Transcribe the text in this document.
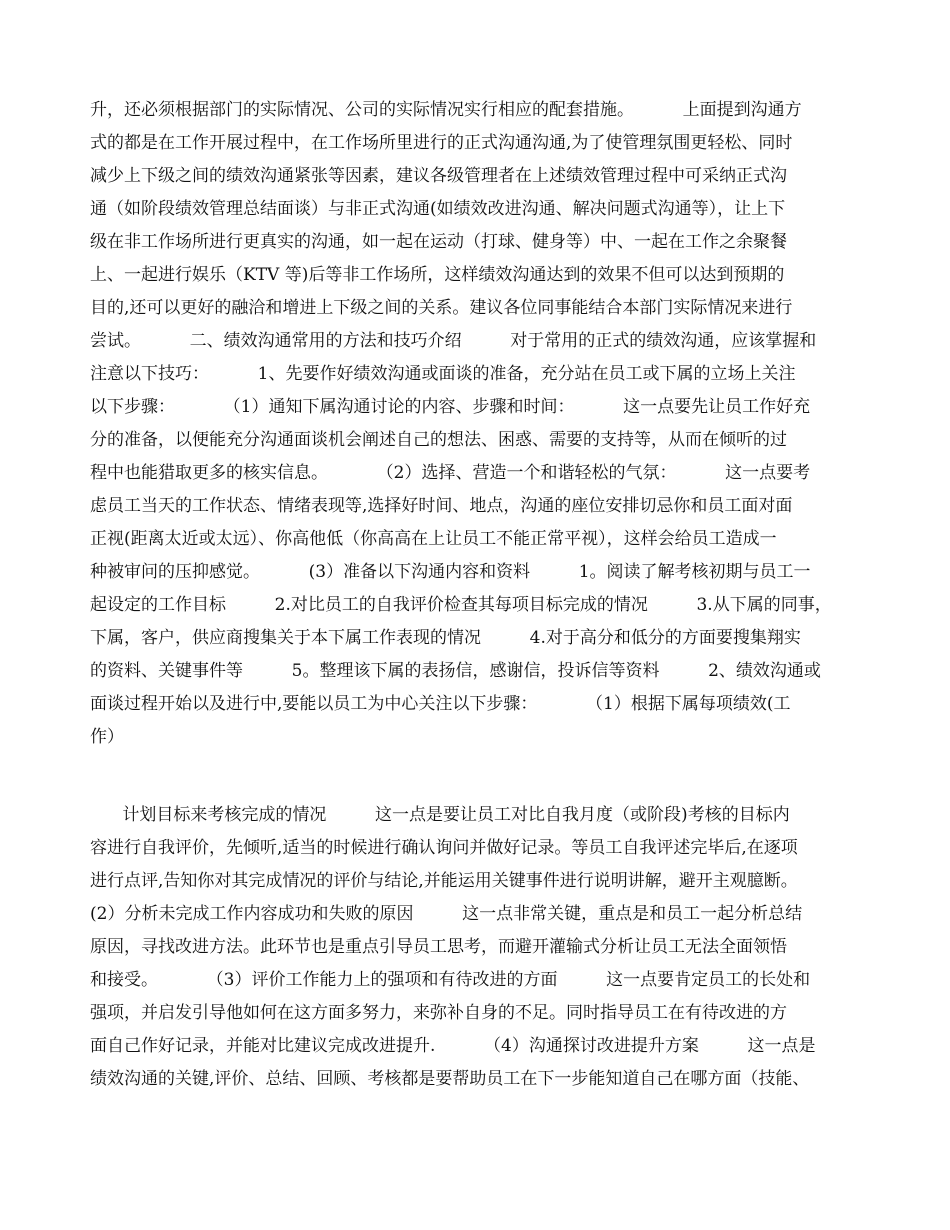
升，还必须根据部门的实际情况、公司的实际情况实行相应的配套措施。         上面提到沟通方

式的都是在工作开展过程中，在工作场所里进行的正式沟通沟通,为了使管理氛围更轻松、同时

减少上下级之间的绩效沟通紧张等因素，建议各级管理者在上述绩效管理过程中可采纳正式沟

通（如阶段绩效管理总结面谈）与非正式沟通(如绩效改进沟通、解决问题式沟通等），让上下

级在非工作场所进行更真实的沟通，如一起在运动（打球、健身等）中、一起在工作之余聚餐

上、一起进行娱乐（KTV 等)后等非工作场所，这样绩效沟通达到的效果不但可以达到预期的

目的,还可以更好的融洽和增进上下级之间的关系。建议各位同事能结合本部门实际情况来进行

尝试。         二、绩效沟通常用的方法和技巧介绍         对于常用的正式的绩效沟通，应该掌握和

注意以下技巧：         1、先要作好绩效沟通或面谈的准备，充分站在员工或下属的立场上关注

以下步骤：         （1）通知下属沟通讨论的内容、步骤和时间：         这一点要先让员工作好充

分的准备，以便能充分沟通面谈机会阐述自己的想法、困惑、需要的支持等，从而在倾听的过

程中也能猎取更多的核实信息。         （2）选择、营造一个和谐轻松的气氛：         这一点要考

虑员工当天的工作状态、情绪表现等,选择好时间、地点，沟通的座位安排切忌你和员工面对面

正视(距离太近或太远）、你高他低（你高高在上让员工不能正常平视），这样会给员工造成一

种被审问的压抑感觉。         (3）准备以下沟通内容和资料         1。阅读了解考核初期与员工一

起设定的工作目标         2.对比员工的自我评价检查其每项目标完成的情况         3.从下属的同事，

下属，客户，供应商搜集关于本下属工作表现的情况         4.对于高分和低分的方面要搜集翔实

的资料、关键事件等         5。整理该下属的表扬信，感谢信，投诉信等资料         2、绩效沟通或

面谈过程开始以及进行中,要能以员工为中心关注以下步骤：         （1）根据下属每项绩效(工

作）

计划目标来考核完成的情况         这一点是要让员工对比自我月度（或阶段)考核的目标内

容进行自我评价，先倾听,适当的时候进行确认询问并做好记录。等员工自我评述完毕后,在逐项

进行点评,告知你对其完成情况的评价与结论,并能运用关键事件进行说明讲解，避开主观臆断。

(2）分析未完成工作内容成功和失败的原因         这一点非常关键，重点是和员工一起分析总结

原因，寻找改进方法。此环节也是重点引导员工思考，而避开灌输式分析让员工无法全面领悟

和接受。         （3）评价工作能力上的强项和有待改进的方面         这一点要肯定员工的长处和

强项，并启发引导他如何在这方面多努力，来弥补自身的不足。同时指导员工在有待改进的方

面自己作好记录，并能对比建议完成改进提升.         （4）沟通探讨改进提升方案         这一点是

绩效沟通的关键,评价、总结、回顾、考核都是要帮助员工在下一步能知道自己在哪方面（技能、
